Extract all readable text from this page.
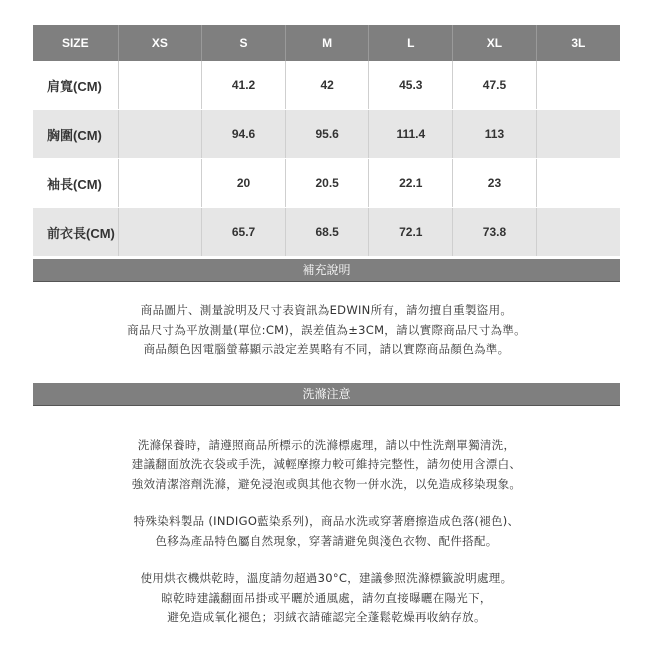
SIZE	XS	S	M	L	XL	3L
肩寬(CM)		41.2	42	45.3	47.5	
胸圍(CM)		94.6	95.6	111.4	113	
袖長(CM)		20	20.5	22.1	23	
前衣長(CM)		65.7	68.5	72.1	73.8	
補充說明

商品圖片、測量說明及尺寸表資訊為EDWIN所有，請勿擅自重製盜用。

商品尺寸為平放測量(單位:CM)，誤差值為±3CM，請以實際商品尺寸為準。

商品顏色因電腦螢幕顯示設定差異略有不同，請以實際商品顏色為準。

洗滌注意

洗滌保養時，請遵照商品所標示的洗滌標處理，請以中性洗劑單獨清洗，

建議翻面放洗衣袋或手洗，減輕摩擦力較可維持完整性，請勿使用含漂白、

強效清潔溶劑洗滌，避免浸泡或與其他衣物一併水洗，以免造成移染現象。

特殊染料製品 (INDIGO藍染系列)，商品水洗或穿著磨擦造成色落(褪色)、

色移為產品特色屬自然現象，穿著請避免與淺色衣物、配件搭配。

使用烘衣機烘乾時，溫度請勿超過30°C，建議參照洗滌標籤說明處理。

晾乾時建議翻面吊掛或平曬於通風處，請勿直接曝曬在陽光下，

避免造成氧化褪色；羽絨衣請確認完全蓬鬆乾燥再收納存放。
